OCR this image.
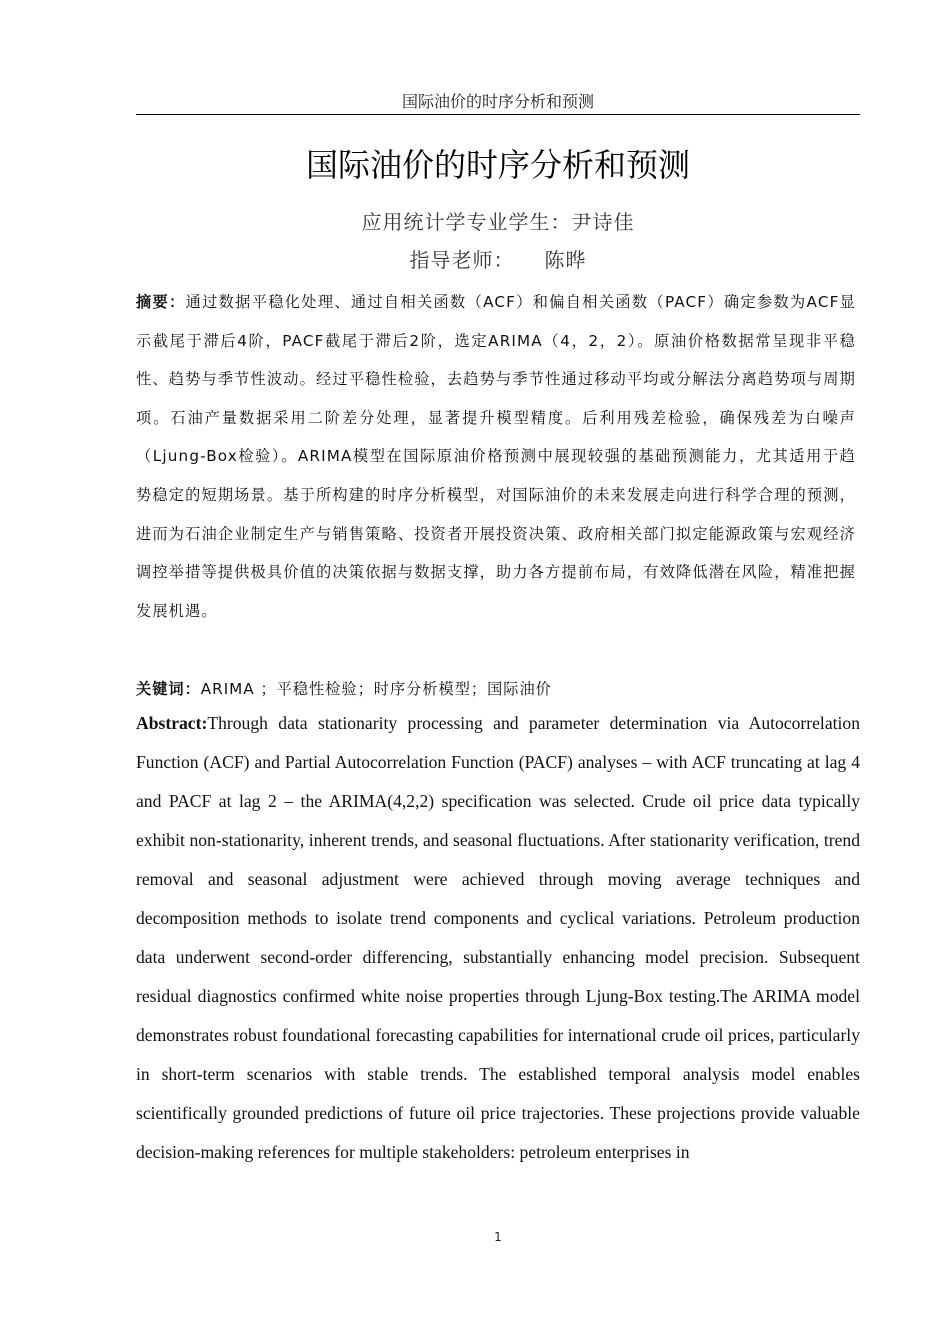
国际油价的时序分析和预测
国际油价的时序分析和预测
应用统计学专业学生：尹诗佳
指导老师： 陈晔

摘要：通过数据平稳化处理、通过自相关函数（ACF）和偏自相关函数（PACF）确定参数为ACF显示截尾于滞后4阶，PACF截尾于滞后2阶，选定ARIMA（4，2，2）。原油价格数据常呈现非平稳性、趋势与季节性波动。经过平稳性检验，去趋势与季节性通过移动平均或分解法分离趋势项与周期项。石油产量数据采用二阶差分处理，显著提升模型精度。后利用残差检验，确保残差为白噪声（Ljung-Box检验）。ARIMA模型在国际原油价格预测中展现较强的基础预测能力，尤其适用于趋势稳定的短期场景。基于所构建的时序分析模型，对国际油价的未来发展走向进行科学合理的预测，进而为石油企业制定生产与销售策略、投资者开展投资决策、政府相关部门拟定能源政策与宏观经济调控举措等提供极具价值的决策依据与数据支撑，助力各方提前布局，有效降低潜在风险，精准把握发展机遇。

关键词：ARIMA ；平稳性检验；时序分析模型；国际油价

Abstract:Through data stationarity processing and parameter determination via Autocorrelation Function (ACF) and Partial Autocorrelation Function (PACF) analyses – with ACF truncating at lag 4 and PACF at lag 2 – the ARIMA(4,2,2) specification was selected. Crude oil price data typically exhibit non-stationarity, inherent trends, and seasonal fluctuations. After stationarity verification, trend removal and seasonal adjustment were achieved through moving average techniques and decomposition methods to isolate trend components and cyclical variations. Petroleum production data underwent second-order differencing, substantially enhancing model precision. Subsequent residual diagnostics confirmed white noise properties through Ljung-Box testing.The ARIMA model demonstrates robust foundational forecasting capabilities for international crude oil prices, particularly in short-term scenarios with stable trends. The established temporal analysis model enables scientifically grounded predictions of future oil price trajectories. These projections provide valuable decision-making references for multiple stakeholders: petroleum enterprises in

1
